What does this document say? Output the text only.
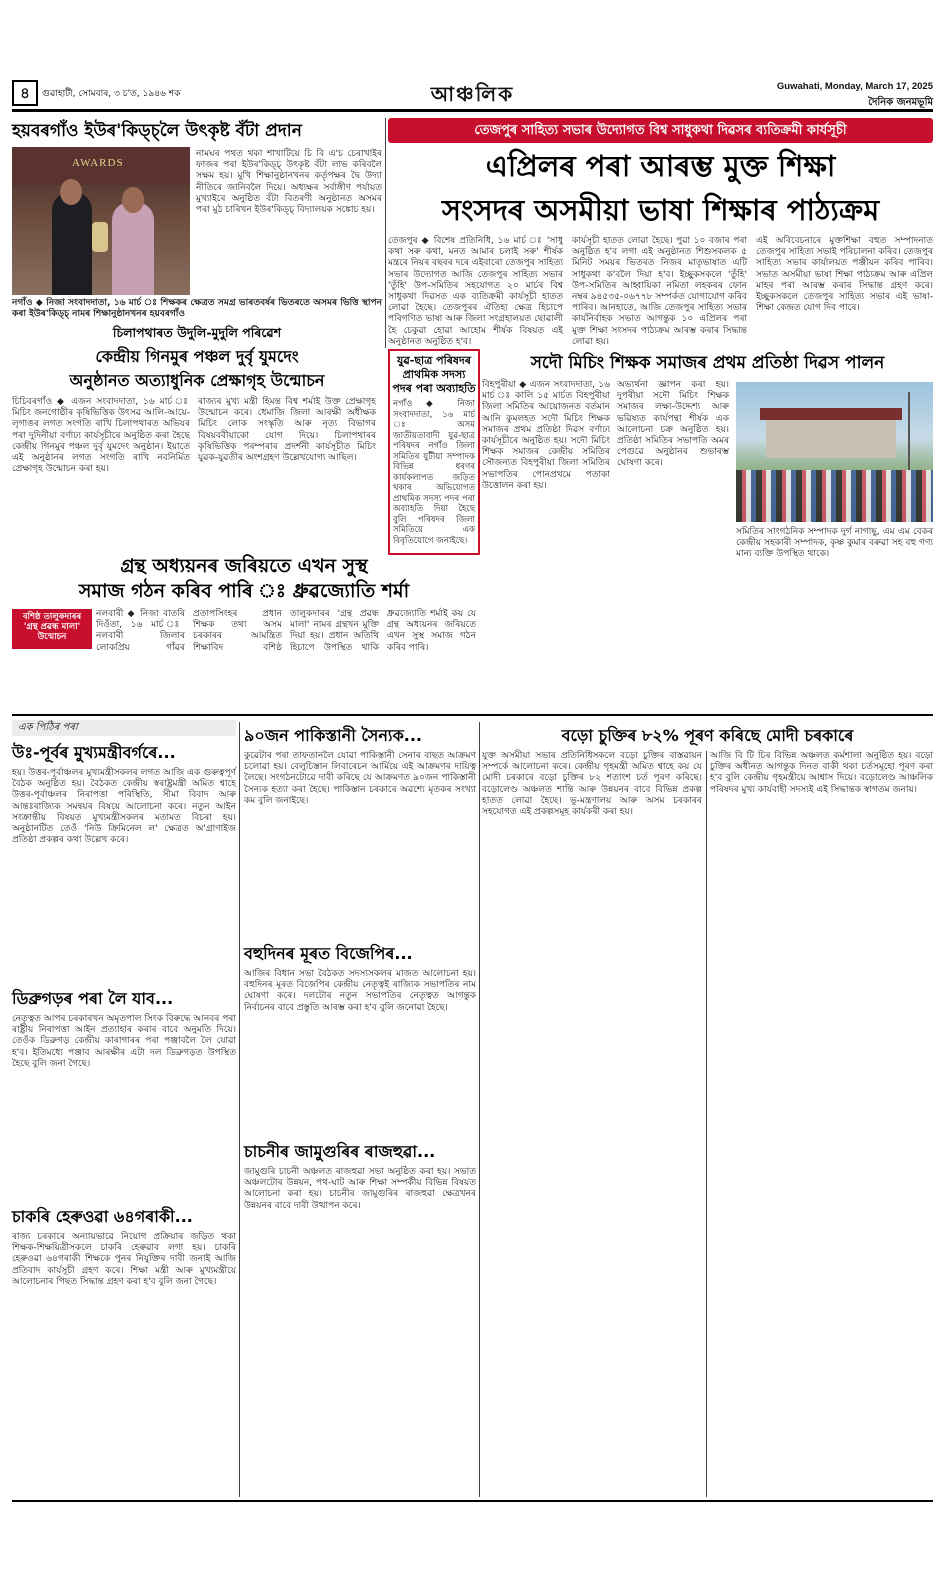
৪	গুৱাহাটী, সোমবাৰ, ৩ চ'ত, ১৯৪৬ শক	আঞ্চলিক	Guwahati, Monday, March 17, 2025
দৈনিক জনমভূমি
তেজপুৰ সাহিত্য সভাৰ উদ্যোগত বিশ্ব সাধুকথা দিৱসৰ ব্যতিক্ৰমী কাৰ্যসূচী
এপ্ৰিলৰ পৰা আৰম্ভ মুক্ত শিক্ষা
সংসদৰ অসমীয়া ভাষা শিক্ষাৰ পাঠ্যক্ৰম
তেজপুৰ ◆ বিশেষ প্ৰতিনিধি, ১৬ মাৰ্চ ঃ 'সাধু কথা সৰু কথা, মনত আমাৰ চলাই সৰু' শীৰ্ষক মন্ত্ৰৰে নিয়ৰ বছৰৰ দৰে এইবাৰো তেজপুৰ সাহিত্য সভাৰ উদ্যোগত আজি তেজপুৰ সাহিত্য সভাৰ 'তুঁহি' উপ-সমিতিৰ সহযোগত ২০ মাৰ্চৰ বিশ্ব সাধুকথা দিৱসত এক ব্যতিক্ৰমী কাৰ্যসূচী হাতত লোৱা হৈছে। তেজপুৰৰ ঐতিহ্য ক্ষেত্ৰ হিচাপে পৰিগণিত ভাষা আৰু জিলা সংগ্ৰহালয়ত ছোৱালী হৈ চেকুৱা হোৱা আহোম শীৰ্ষক বিষয়ত এই অনুষ্ঠানত অনুষ্ঠিত হ'ব।
কাৰ্যসূচী হাতত লোৱা হৈছে। পুৱা ১০ বজাৰ পৰা অনুষ্ঠিত হ'ব লগা এই অনুষ্ঠানত শিশুসকলক ৫ মিনিট সময়ৰ ভিতৰত নিজৰ মাতৃভাষাত এটি সাধুকথা ক'বলৈ দিয়া হ'ব। ইচ্ছুকসকলে 'তুঁহি' উপ-সমিতিৰ আহ্বায়িকা নমিতা লহকৰৰ ফোন নম্বৰ ৯৪৫৩৫-০৬৭৭৮ সম্পৰ্কত যোগাযোগ কৰিব পাৰিব। আনহাতে, আজি তেজপুৰ সাহিত্য সভাৰ কাৰ্যনিৰ্বাহক সভাত আগন্তুক ১০ এপ্ৰিলৰ পৰা মুক্ত শিক্ষা সংসদৰ পাঠ্যক্ৰম আৰম্ভ কৰাৰ সিদ্ধান্ত লোৱা হয়।
এই অবিবেচনাৰে মুক্তশিক্ষা বহুত সম্পাদনাত তেজপুৰ সাহিত্য সভাই পৰিচালনা কৰিব। তেজপুৰ সাহিত্য সভাৰ কাৰ্যালয়ত পঞ্জীয়ন কৰিব পাৰিব। সভাত অসমীয়া ভাষা শিক্ষা পাঠ্যক্ৰম আৰু এপ্ৰিল মাহৰ পৰা আৰম্ভ কৰাৰ সিদ্ধান্ত গ্ৰহণ কৰে। ইচ্ছুকসকলে তেজপুৰ সাহিত্য সভাৰ এই ভাষা-শিক্ষা কেন্দ্ৰত যোগ দিব পাৰে।
হয়বৰগাঁও ইউৰ'কিড্‌চ্‌লৈ উৎকৃষ্ট বঁটা প্ৰদান
AWARDS
নামঘৰ পথত থকা শাখাটিয়ে চি বি এ'চ চেৰাখাইৰ ফাজৰ পৰা ইউৰ'কিড্‌চ্‌ উৎকৃষ্ট বঁটা লাভ কৰিবলৈ সক্ষম হয়। মুখি শিক্ষানুষ্ঠানখনৰ কৰ্তৃপক্ষৰ দ্বৈ উদ্যা নীতিৰে জানিবলৈ দিয়ে। অধ্যক্ষৰ সৰ্বাঙ্গীণ পৰ্যায়ত মুখ্যাইৰে অনুষ্ঠিত বঁটা বিতৰণী অনুষ্ঠানত অসমৰ পৰা মুঠ চাৰিখন ইউৰ'কিড্‌চ্‌ বিদ্যালয়ক সঙ্কোচ হয়।
নগাঁও ◆ নিজা সংবাদদাতা, ১৬ মাৰ্চ ঃ শিক্ষকৰ ক্ষেত্ৰত সমগ্ৰ ভাৰতবৰ্ষৰ ভিতৰতে অসমৰ ভিত্তি স্থাপন কৰা ইউৰ'কিড্‌চ্‌ নামৰ শিক্ষানুষ্ঠানখনৰ হয়বৰগাঁও
চিলাপথাৰত উদুলি-মুদুলি পৰিৱেশ
কেন্দ্ৰীয় গিনমুৰ পঞ্চল দুৰ্বৃ যুমদেং
অনুষ্ঠানত অত্যাধুনিক প্ৰেক্ষাগৃহ উন্মোচন
চিচিবৰগাঁও ◆ এজন সংবাদদাতা, ১৬ মাৰ্চ ঃ মিচিং জনগোষ্ঠীৰ কৃষিভিত্তিক উৎসৱ আলি-আয়ে-লৃগাঙৰ লগত সংগতি ৰাখি চিলাপথাৰত অভিযৰ পৰা দুদিনীয়া বৰ্ণাঢ্য কাৰ্যসূচীৰে অনুষ্ঠিত কৰা হৈছে কেন্দ্ৰীয় গিনমুৰ পঞ্চল দুৰ্বৃ যুমদেং অনুষ্ঠান। ইয়াতে এই অনুষ্ঠানৰ লগত সংগতি ৰাখি নবনিৰ্মিত প্ৰেক্ষাগৃহ উন্মোচন কৰা হয়।
ৰাজ্যৰ মুখ্য মন্ত্ৰী হিমন্ত বিশ্ব শৰ্মাই উক্ত প্ৰেক্ষাগৃহ উন্মোচন কৰে। ধেমাজি জিলা আৰক্ষী অধীক্ষক মিচিং লোক সংস্কৃতি আৰু নৃত্য বিভাগৰ বিষয়ববীয়াকো যোগ দিয়ে। চিলাপথাৰৰ কৃষিভিত্তিক পৰম্পৰাৰ প্ৰদৰ্শনী কাৰ্যসূচীত মিচিং যুৱক-যুৱতীৰ অংশগ্ৰহণ উল্লেখযোগ্য আছিল।
যুৱ-ছাত্ৰ পৰিষদৰ প্ৰাথমিক সদস্য পদৰ পৰা অব্যাহতি
নগাঁও ◆ নিজা সংবাদদাতা, ১৬ মাৰ্চ ঃ অসম জাতীয়তাবাদী যুৱ-ছাত্ৰ পৰিষদৰ নগাঁও জিলা সমিতিৰ যুটীয়া সম্পাদক বিভিন্ন ধৰণৰ কাৰ্যকলাপত জড়িত থকাৰ অভিযোগত প্ৰাথমিক সদস্য পদৰ পৰা অব্যাহতি দিয়া হৈছে বুলি পৰিষদৰ জিলা সমিতিয়ে এক বিবৃতিযোগে জনাইছে।
সদৌ মিচিং শিক্ষক সমাজৰ প্ৰথম প্ৰতিষ্ঠা দিৱস পালন
বিহপুৰীয়া ◆ এজন সংবাদদাতা, ১৬ মাৰ্চ ঃ কালি ১৫ মাৰ্চত বিহপুৰীয়া জিলা সমিতিৰ আয়োজনত বৰ্তমান আনি কুমলহত সদৌ মিচিং শিক্ষক সমাজৰ প্ৰথম প্ৰতিষ্ঠা দিৱস বৰ্ণাঢ্য কাৰ্যসূচীৰে অনুষ্ঠিত হয়। সদৌ মিচিং শিক্ষক সমাজৰ কেন্দ্ৰীয় সমিতিৰ সৌজন্যত বিহপুৰীয়া জিলা সমিতিৰ সভাপতিৰ পোনপ্ৰথমে পতাকা উত্তোলন কৰা হয়।
অভ্যৰ্থনা জ্ঞাপন কৰা হয়। দুপৰীয়া সদৌ মিচিং শিক্ষক সমাজৰ লক্ষ্য-উদ্দেশ্য আৰু ভৱিষ্যত কাৰ্যপন্থা শীৰ্ষক এক আলোচনা চক্ৰ অনুষ্ঠিত হয়। প্ৰতিষ্ঠা সমিতিৰ সভাপতি অমৰ পেগুৱে অনুষ্ঠানৰ শুভাৰম্ভ ঘোষণা কৰে।
সমিতিৰ সাংগঠনিক সম্পাদক দুৰ্গ নাগাছু, এম এম বেকৰ কেন্দ্ৰীয় সহকাৰী সম্পাদক, কৃষ্ণ কুমাৰ বৰুৱা সহ বহু গণ্য মান্য ব্যক্তি উপস্থিত থাকে।
গ্ৰন্থ অধ্যয়নৰ জৰিয়তে এখন সুস্থ
সমাজ গঠন কৰিব পাৰি ঃ ধ্ৰুৱজ্যোতি শৰ্মা
বশিষ্ঠ তালুকদাৰৰ 'গ্ৰন্থ প্ৰৱন্ধ মালা' উন্মোচন
নলবাৰী ◆ নিজা বাতৰি দিওঁতা, ১৬ মাৰ্চ ঃ নলবাৰী জিলাৰ লোকপ্ৰিয় গাঁৱৰ প্ৰতাপসিংহৰ প্ৰধান শিক্ষক তথা অসম চৰকাৰৰ আমন্ত্ৰিত শিক্ষাবিদ বশিষ্ঠ তালুকদাৰৰ 'গ্ৰন্থ প্ৰৱন্ধ মালা' নামৰ গ্ৰন্থখন মুক্তি দিয়া হয়। প্ৰধান অতিথি হিচাপে উপস্থিত থাকি ধ্ৰুৱজ্যোতি শৰ্মাই কয় যে গ্ৰন্থ অধ্যয়নৰ জৰিয়তে এখন সুস্থ সমাজ গঠন কৰিব পাৰি।
এক পিঠিৰ পৰা
উঃ-পূৰ্বৰ মুখ্যমন্ত্ৰীবৰ্গৰে...
হয়। উত্তৰ-পূৰ্বাঞ্চলৰ মুখ্যমন্ত্ৰীসকলৰ লগত আজি এক গুৰুত্বপূৰ্ণ বৈঠক অনুষ্ঠিত হয়। বৈঠকত কেন্দ্ৰীয় স্বৰাষ্ট্ৰমন্ত্ৰী অমিত শ্বাহে উত্তৰ-পূৰ্বাঞ্চলৰ নিৰাপত্তা পৰিস্থিতি, সীমা বিবাদ আৰু আন্তঃৰাজ্যিক সমন্বয়ৰ বিষয়ে আলোচনা কৰে। নতুন আইন সংক্ৰান্তীয় বিষয়ত মুখ্যমন্ত্ৰীসকলৰ মতামত বিচৰা হয়। অনুষ্ঠানটিত তেওঁ 'নিউ ক্ৰিমিনেল ল' ক্ষেত্ৰত অ'গ্ৰাণাইজ প্ৰতিষ্ঠা প্ৰকল্পৰ কথা উল্লেখ কৰে।
ডিব্ৰুগড়ৰ পৰা লৈ যাব...
নেতৃত্বত আপৰ চৰকাৰখন অমৃতপাল সিংক বিৰুদ্ধে আনবৰ পৰা ৰাষ্ট্ৰীয় নিৰাপত্তা আইন প্ৰত্যাহাৰ কৰাৰ বাবে অনুমতি দিয়ে। তেওঁক ডিব্ৰুগড় কেন্দ্ৰীয় কাৰাগাৰৰ পৰা পঞ্জাবলৈ লৈ যোৱা হ'ব। ইতিমধ্যে পঞ্জাব আৰক্ষীৰ এটা দল ডিব্ৰুগড়ত উপস্থিত হৈছে বুলি জনা গৈছে।
চাকৰি হেৰুওৱা ৬৪গৰাকী...
ৰাজ্য চৰকাৰে অন্যায়ভাৱে নিয়োগ প্ৰক্ৰিয়াৰ জড়িত থকা শিক্ষক-শিক্ষয়িত্ৰীসকলে চাকৰি হেৰুৱাব লগা হয়। চাকৰি হেৰুওৱা ৬৪গৰাকী শিক্ষকে পুনৰ নিযুক্তিৰ দাবী জনাই আজি প্ৰতিবাদ কাৰ্যসূচী গ্ৰহণ কৰে। শিক্ষা মন্ত্ৰী আৰু মুখ্যমন্ত্ৰীয়ে আলোচনাৰ পিছত সিদ্ধান্ত গ্ৰহণ কৰা হ'ব বুলি জনা গৈছে।
৯০জন পাকিস্তানী সৈন্যক...
কুৱেটাৰ পৰা তাফতানলৈ যোৱা পাকিস্তানী সেনাৰ বাছত আক্ৰমণ চলোৱা হয়। বেলুচিস্তান লিবাৰেচন আৰ্মিয়ে এই আক্ৰমণৰ দায়িত্ব লৈছে। সংগঠনটোৱে দাবী কৰিছে যে আক্ৰমণত ৯০জন পাকিস্তানী সৈন্যক হত্যা কৰা হৈছে। পাকিস্তান চৰকাৰে অৱশ্যে মৃতকৰ সংখ্যা কম বুলি জনাইছে।
বহুদিনৰ মূৰত বিজেপিৰ...
আজিৰ বিধান সভা বৈঠকত সদস্যসকলৰ মাজত আলোচনা হয়। বহুদিনৰ মূৰত বিজেপিৰ কেন্দ্ৰীয় নেতৃত্বই ৰাজ্যিক সভাপতিৰ নাম ঘোষণা কৰে। দলটোৰ নতুন সভাপতিৰ নেতৃত্বত আগন্তুক নিৰ্বাচনৰ বাবে প্ৰস্তুতি আৰম্ভ কৰা হ'ব বুলি জনোৱা হৈছে।
চাচনীৰ জামুগুৰিৰ ৰাজহুৱা...
জামুগুৰি চাচনী অঞ্চলত ৰাজহুৱা সভা অনুষ্ঠিত কৰা হয়। সভাত অঞ্চলটোৰ উন্নয়ন, পথ-ঘাট আৰু শিক্ষা সম্পৰ্কীয় বিভিন্ন বিষয়ত আলোচনা কৰা হয়। চাচনীৰ জামুগুৰিৰ ৰাজহুৱা ক্ষেত্ৰখনৰ উন্নয়নৰ বাবে দাবী উত্থাপন কৰে।
বড়ো চুক্তিৰ ৮২% পূৰণ কৰিছে মোদী চৰকাৰে
যুক্ত অসমীয়া সভাৰ প্ৰতিনিধিসকলে বড়ো চুক্তিৰ বাস্তৱায়ন সম্পৰ্কে আলোচনা কৰে। কেন্দ্ৰীয় গৃহমন্ত্ৰী অমিত শ্বাহে কয় যে মোদী চৰকাৰে বড়ো চুক্তিৰ ৮২ শতাংশ চৰ্ত পূৰণ কৰিছে। বড়োলেণ্ড অঞ্চলত শান্তি আৰু উন্নয়নৰ বাবে বিভিন্ন প্ৰকল্প হাতত লোৱা হৈছে। ভূ-মন্ত্ৰণালয় আৰু অসম চৰকাৰৰ সহযোগত এই প্ৰকল্পসমূহ কাৰ্যকৰী কৰা হয়।
আজি বি টি চিৰ বিভিন্ন অঞ্চলত কৰ্মশালা অনুষ্ঠিত হয়। বড়ো চুক্তিৰ অধীনত আগন্তুক দিনত বাকী থকা চৰ্তসমূহো পূৰণ কৰা হ'ব বুলি কেন্দ্ৰীয় গৃহমন্ত্ৰীয়ে আশ্বাস দিয়ে। বড়োলেণ্ড আঞ্চলিক পৰিষদৰ মুখ্য কাৰ্যবাহী সদস্যই এই সিদ্ধান্তক স্বাগতম জনায়।
